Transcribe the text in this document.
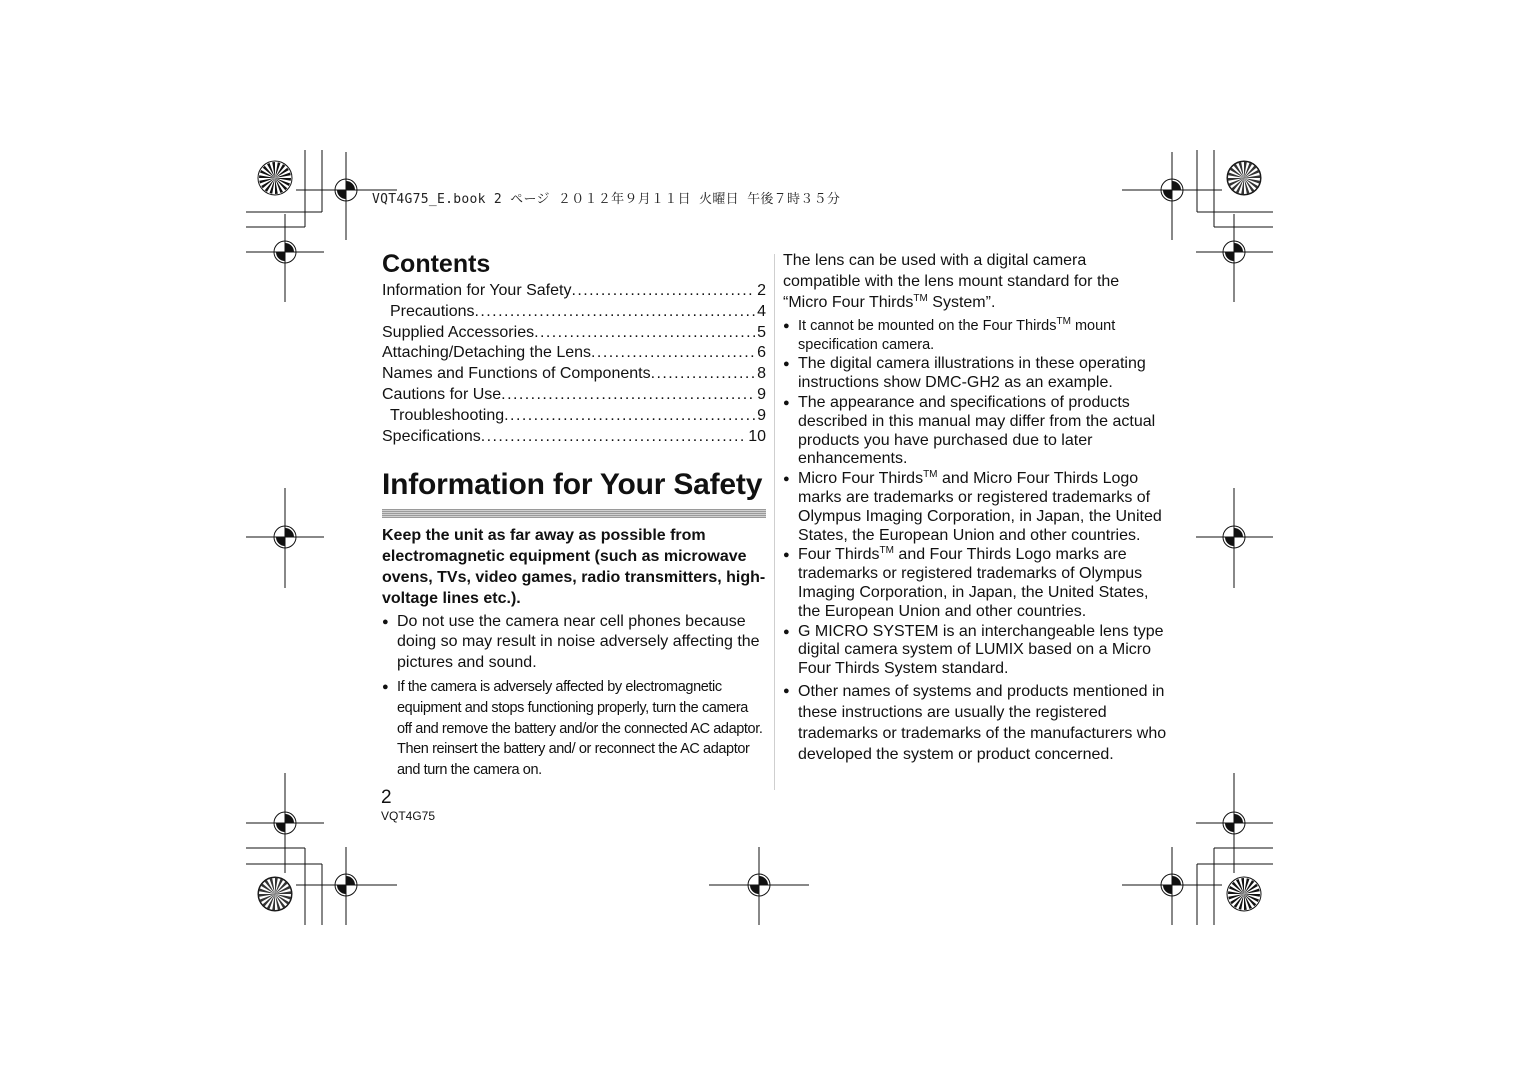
VQT4G75_E.book 2 ページ ２０１２年９月１１日 火曜日 午後７時３５分
Contents
Information for Your Safety . . .	2
Precautions . . .	4
Supplied Accessories . . .	5
Attaching/Detaching the Lens . . .	6
Names and Functions of Components . . .	8
Cautions for Use . . .	9
Troubleshooting . . .	9
Specifications . . .	10
Information for Your Safety

Keep the unit as far away as possible from electromagnetic equipment (such as microwave ovens, TVs, video games, radio transmitters, high-voltage lines etc.).

● Do not use the camera near cell phones because doing so may result in noise adversely affecting the pictures and sound.
● If the camera is adversely affected by electromagnetic equipment and stops functioning properly, turn the camera off and remove the battery and/or the connected AC adaptor. Then reinsert the battery and/ or reconnect the AC adaptor and turn the camera on.

The lens can be used with a digital camera compatible with the lens mount standard for the “Micro Four Thirds™ System”.

● It cannot be mounted on the Four Thirds™ mount specification camera.
● The digital camera illustrations in these operating instructions show DMC-GH2 as an example.
● The appearance and specifications of products described in this manual may differ from the actual products you have purchased due to later enhancements.
● Micro Four Thirds™ and Micro Four Thirds Logo marks are trademarks or registered trademarks of Olympus Imaging Corporation, in Japan, the United States, the European Union and other countries.
● Four Thirds™ and Four Thirds Logo marks are trademarks or registered trademarks of Olympus Imaging Corporation, in Japan, the United States, the European Union and other countries.
● G MICRO SYSTEM is an interchangeable lens type digital camera system of LUMIX based on a Micro Four Thirds System standard.
● Other names of systems and products mentioned in these instructions are usually the registered trademarks or trademarks of the manufacturers who developed the system or product concerned.
2
VQT4G75
